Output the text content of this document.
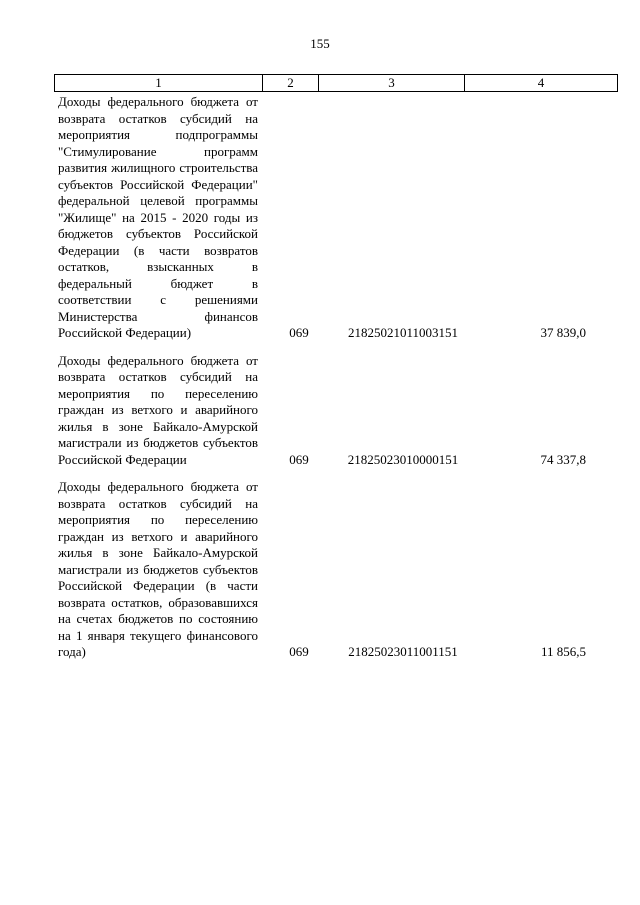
155
1	2	3	4
Доходы федерального бюджета от возврата остатков субсидий на мероприятия подпрограммы "Стимулирование программ развития жилищного строительства субъектов Российской Федерации" федеральной целевой программы "Жилище" на 2015 - 2020 годы из бюджетов субъектов Российской Федерации (в части возвратов остатков, взысканных в федеральный бюджет в соответствии с решениями Министерства финансов Российской Федерации)	069	21825021011003151	37 839,0
Доходы федерального бюджета от возврата остатков субсидий на мероприятия по переселению граждан из ветхого и аварийного жилья в зоне Байкало-Амурской магистрали из бюджетов субъектов Российской Федерации	069	21825023010000151	74 337,8
Доходы федерального бюджета от возврата остатков субсидий на мероприятия по переселению граждан из ветхого и аварийного жилья в зоне Байкало-Амурской магистрали из бюджетов субъектов Российской Федерации (в части возврата остатков, образовавшихся на счетах бюджетов по состоянию на 1 января текущего финансового года)	069	21825023011001151	11 856,5
